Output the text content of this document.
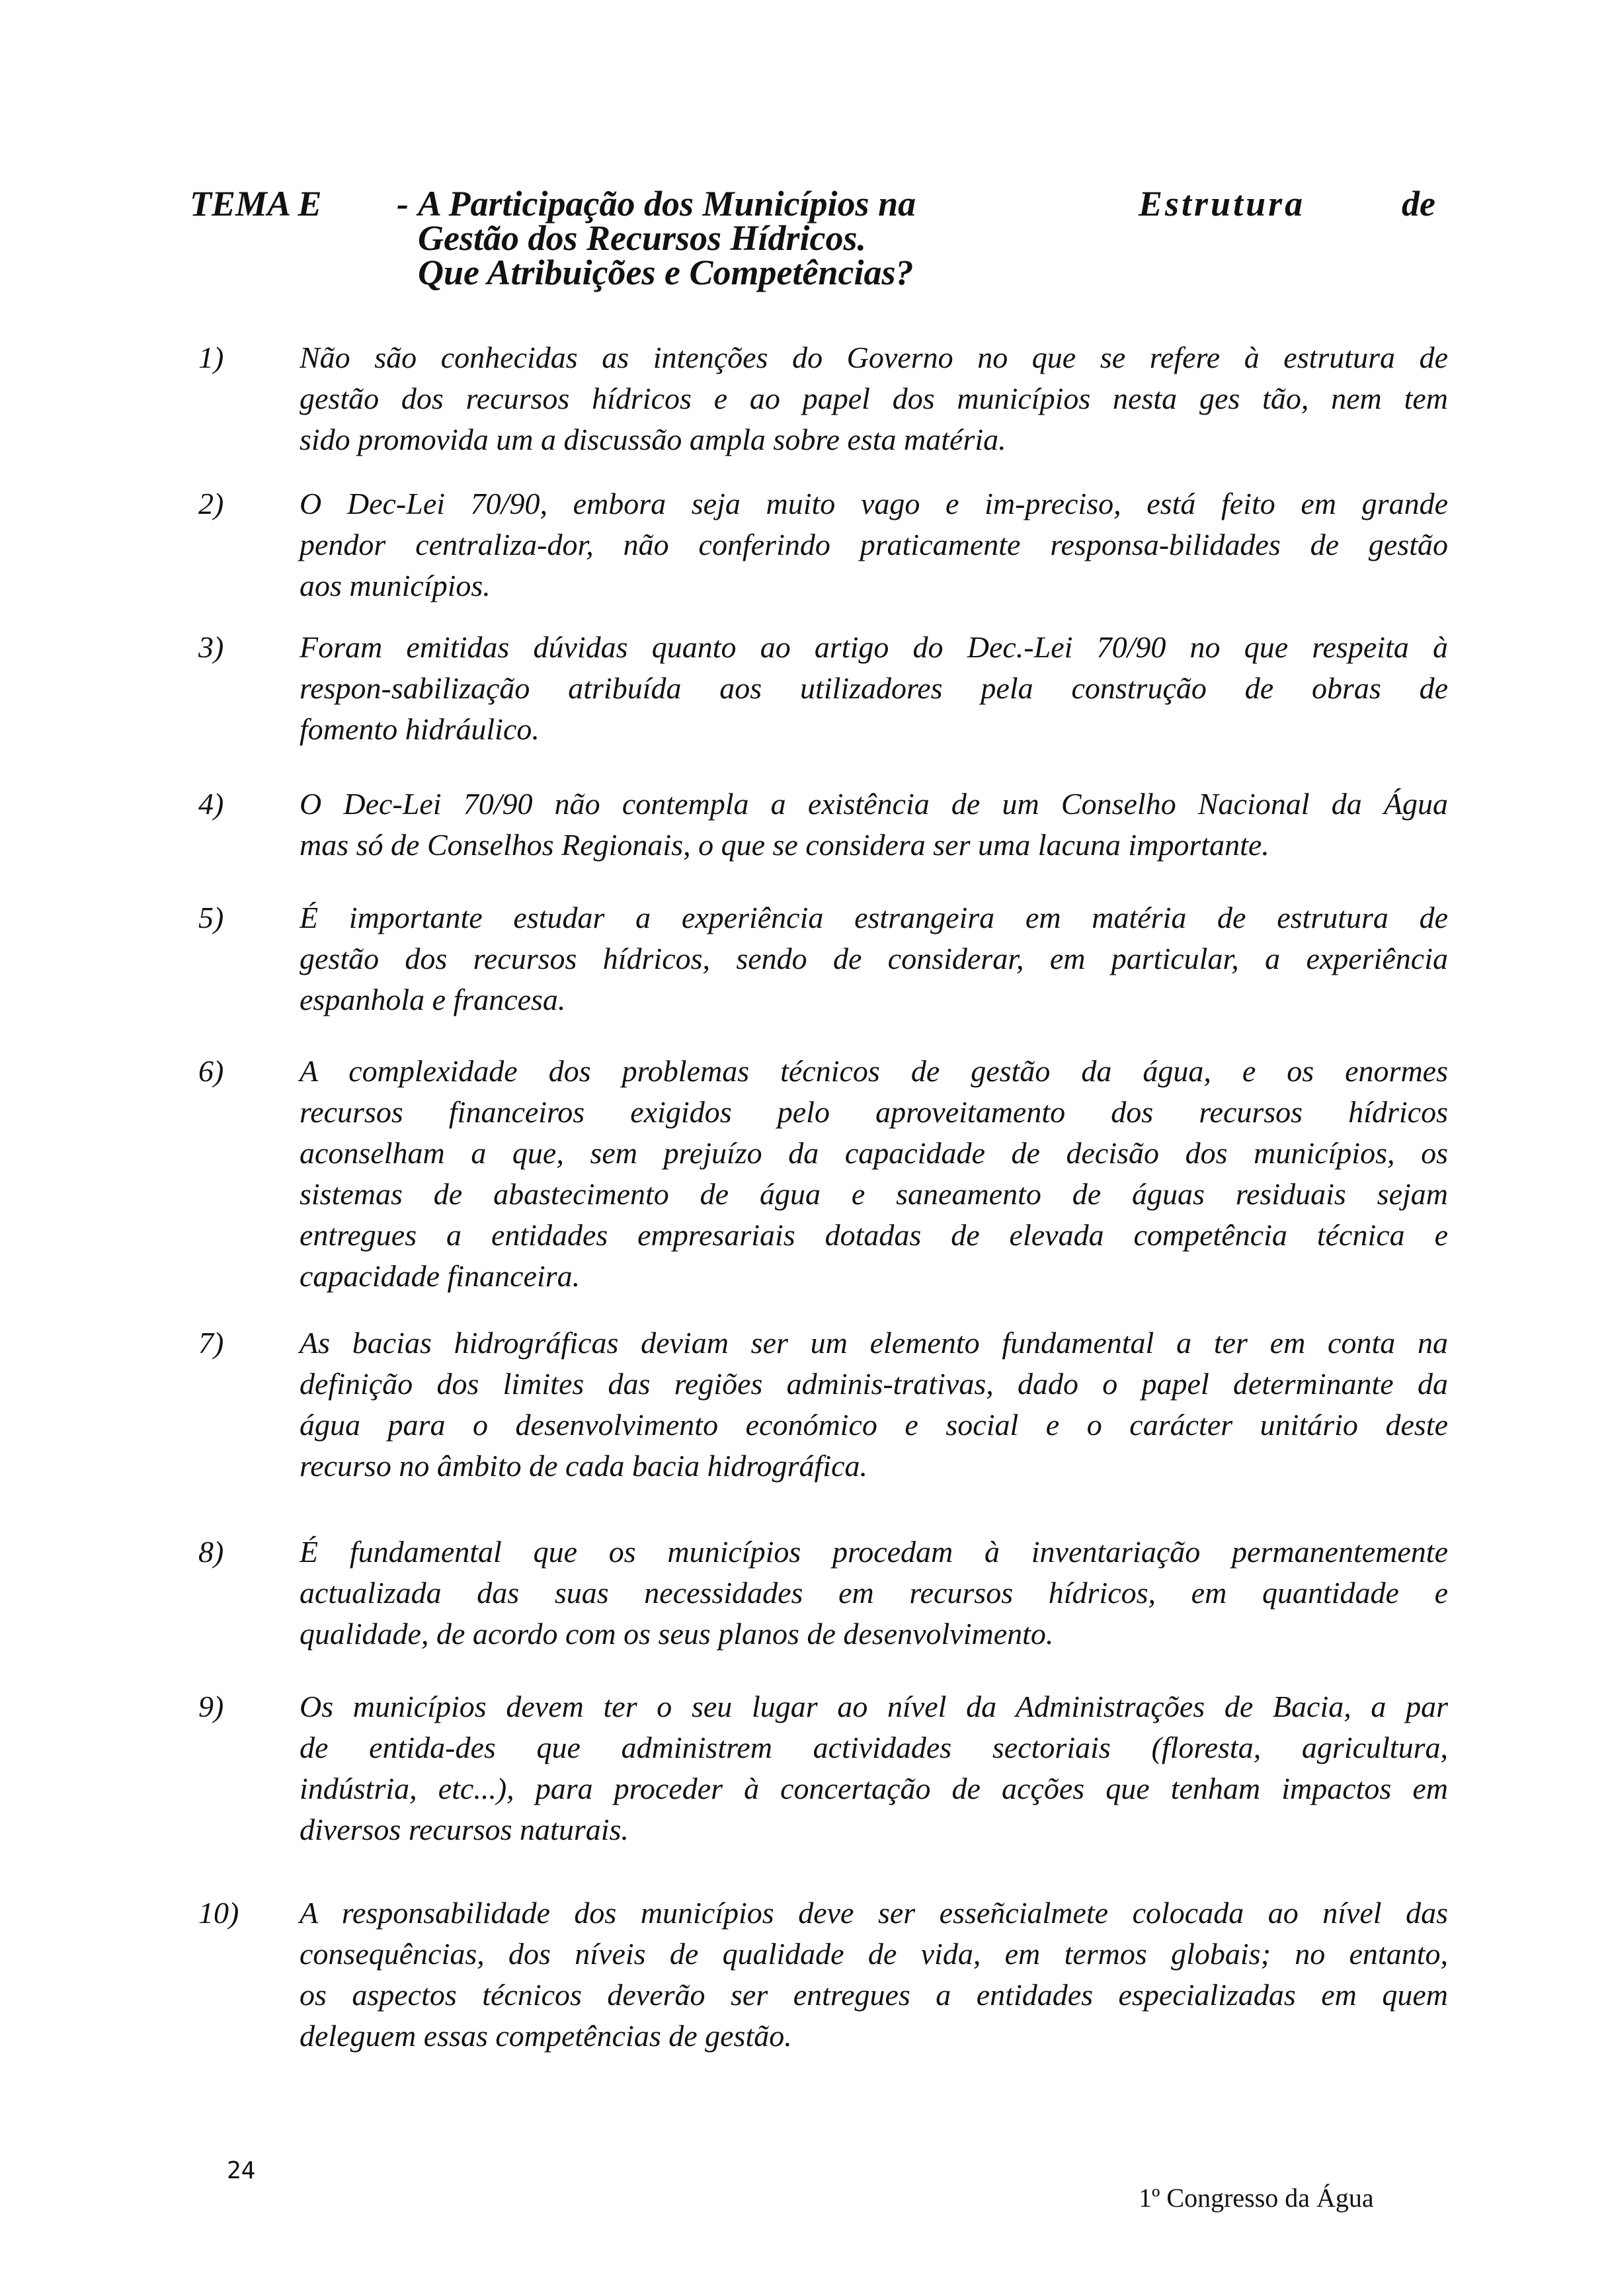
TEMA E - A Participação dos Municípios na	Estrutura	de
Gestão dos Recursos Hídricos.
Que Atribuições e Competências?
1)	Não são conhecidas as intenções do Governo no que se refere à estrutura de
gestão dos recursos hídricos e ao papel dos municípios nesta ges tão, nem tem
sido promovida um a discussão ampla sobre esta matéria.
2)	O Dec-Lei 70/90, embora seja muito vago e im-preciso, está feito em grande
pendor centraliza-dor, não conferindo praticamente responsa-bilidades de gestão
aos municípios.
3)	Foram emitidas dúvidas quanto ao artigo do Dec.-Lei 70/90 no que respeita à
respon-sabilização atribuída aos utilizadores pela construção de obras de
fomento hidráulico.
4)	O Dec-Lei 70/90 não contempla a existência de um Conselho Nacional da Água
mas só de Conselhos Regionais, o que se considera ser uma lacuna importante.
5)	É importante estudar a experiência estrangeira em matéria de estrutura de
gestão dos recursos hídricos, sendo de considerar, em particular, a experiência
espanhola e francesa.
6)	A complexidade dos problemas técnicos de gestão da água, e os enormes
recursos financeiros exigidos pelo aproveitamento dos recursos hídricos
aconselham a que, sem prejuízo da capacidade de decisão dos municípios, os
sistemas de abastecimento de água e saneamento de águas residuais sejam
entregues a entidades empresariais dotadas de elevada competência técnica e
capacidade financeira.
7)	As bacias hidrográficas deviam ser um elemento fundamental a ter em conta na
definição dos limites das regiões adminis-trativas, dado o papel determinante da
água para o desenvolvimento económico e social e o carácter unitário deste
recurso no âmbito de cada bacia hidrográfica.
8)	É fundamental que os municípios procedam à inventariação permanentemente
actualizada das suas necessidades em recursos hídricos, em quantidade e
qualidade, de acordo com os seus planos de desenvolvimento.
9)	Os municípios devem ter o seu lugar ao nível da Administrações de Bacia, a par
de entida-des que administrem actividades sectoriais (floresta, agricultura,
indústria, etc...), para proceder à concertação de acções que tenham impactos em
diversos recursos naturais.
10)	A responsabilidade dos municípios deve ser esseñcialmete colocada ao nível das
consequências, dos níveis de qualidade de vida, em termos globais; no entanto,
os aspectos técnicos deverão ser entregues a entidades especializadas em quem
deleguem essas competências de gestão.
24
1º Congresso da Água
